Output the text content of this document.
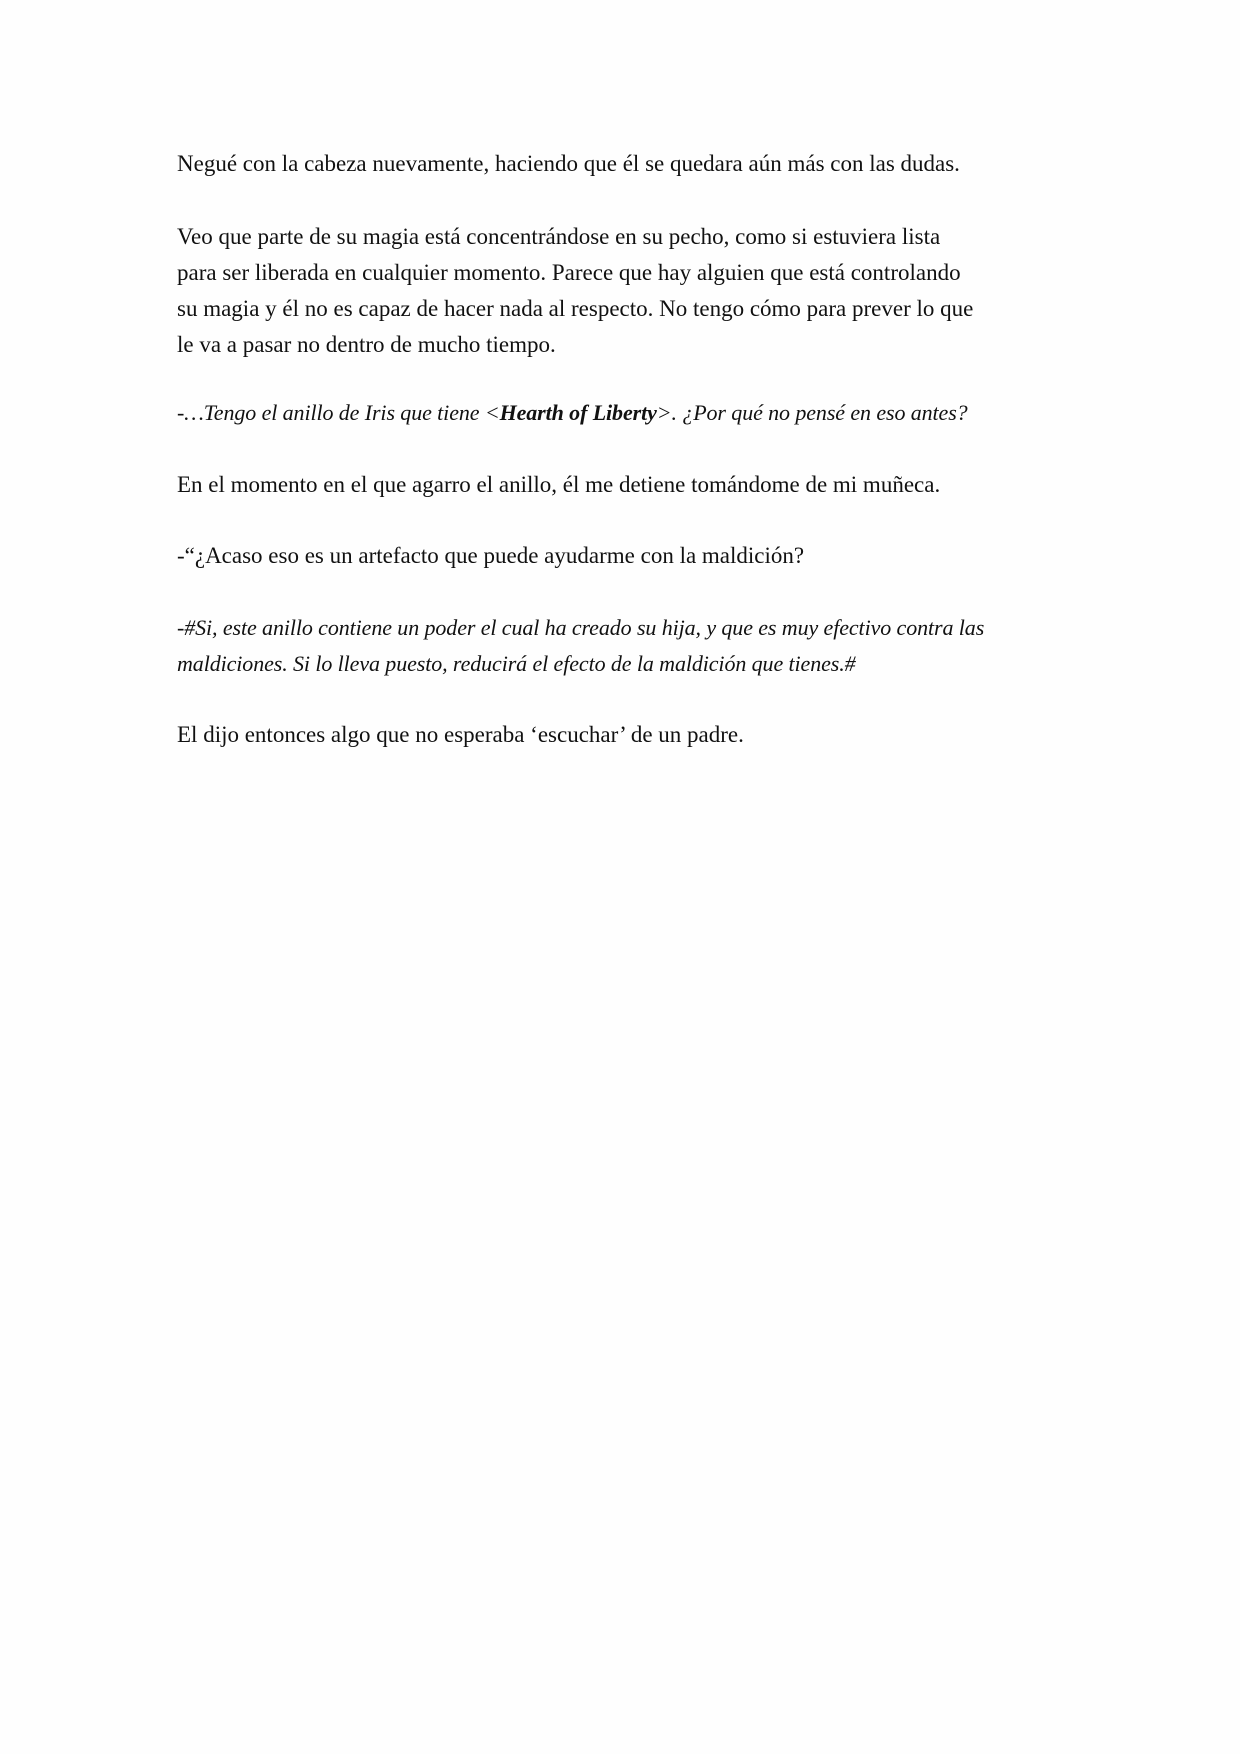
Negué con la cabeza nuevamente, haciendo que él se quedara aún más con las dudas.

Veo que parte de su magia está concentrándose en su pecho, como si estuviera lista
para ser liberada en cualquier momento. Parece que hay alguien que está controlando
su magia y él no es capaz de hacer nada al respecto. No tengo cómo para prever lo que
le va a pasar no dentro de mucho tiempo.

-…Tengo el anillo de Iris que tiene <Hearth of Liberty>. ¿Por qué no pensé en eso antes?

En el momento en el que agarro el anillo, él me detiene tomándome de mi muñeca.

-“¿Acaso eso es un artefacto que puede ayudarme con la maldición?

-#Si, este anillo contiene un poder el cual ha creado su hija, y que es muy efectivo contra las
maldiciones. Si lo lleva puesto, reducirá el efecto de la maldición que tienes.#

El dijo entonces algo que no esperaba ‘escuchar’ de un padre.
